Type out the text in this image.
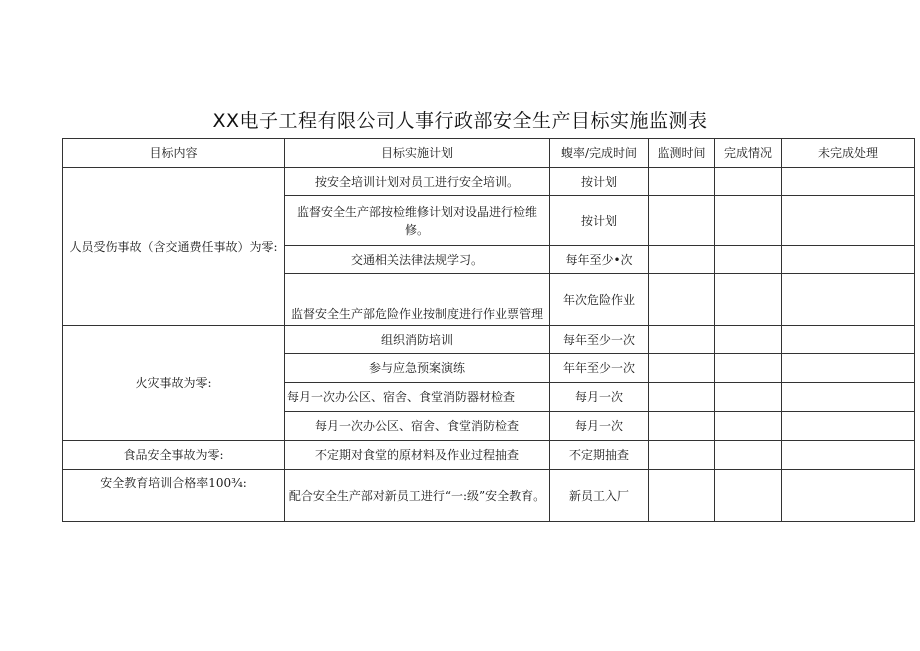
XX电子工程有限公司人事行政部安全生产目标实施监测表
目标内容	目标实施计划	蝮率/完成时间	监测时间	完成情况	未完成处理
人员受伤事故（含交通费任事故）为零:	按安全培训计划对员工进行安全培训。	按计划			
	监督安全生产部按检维修计划对设晶进行检维修。	按计划			
	交通相关法律法规学习。	每年至少•次			
	监督安全生产部危险作业按制度进行作业票管理	年次危险作业			
火灾事故为零:	组织消防培训	每年至少一次			
	参与应急预案演练	年年至少一次			
	每月一次办公区、宿舍、食堂消防器材检查	每月一次			
	每月一次办公区、宿舍、食堂消防检查	每月一次			
食品安全事故为零:	不定期对食堂的原材料及作业过程抽查	不定期抽查			
安全教育培训合格率100¾:	配合安全生产部对新员工进行“一:级”安全教育。	新员工入厂			
